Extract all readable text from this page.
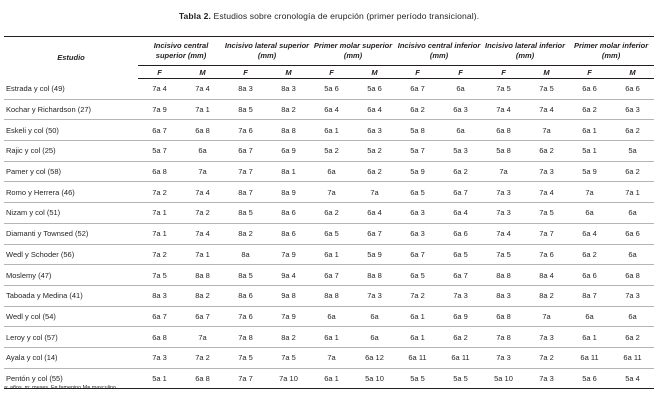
Tabla 2. Estudios sobre cronología de erupción (primer período transicional).
Estudio	Incisivo central superior (mm)		Incisivo lateral superior (mm)		Primer molar superior (mm)		Incisivo central inferior (mm)		Incisivo lateral inferior (mm)		Primer molar inferior (mm)	
	F	M	F	M	F	M	F	F	F	M	F	M
Estrada y col (49)	7a 4	7a 4	8a 3	8a 3	5a 6	5a 6	6a 7	6a	7a 5	7a 5	6a 6	6a 6
Kochar y Richardson (27)	7a 9	7a 1	8a 5	8a 2	6a 4	6a 4	6a 2	6a 3	7a 4	7a 4	6a 2	6a 3
Eskeli y col (50)	6a 7	6a 8	7a 6	8a 8	6a 1	6a 3	5a 8	6a	6a 8	7a	6a 1	6a 2
Rajic y col (25)	5a 7	6a	6a 7	6a 9	5a 2	5a 2	5a 7	5a 3	5a 8	6a 2	5a 1	5a
Pamer y col (58)	6a 8	7a	7a 7	8a 1	6a	6a 2	5a 9	6a 2	7a	7a 3	5a 9	6a 2
Romo y Herrera (46)	7a 2	7a 4	8a 7	8a 9	7a	7a	6a 5	6a 7	7a 3	7a 4	7a	7a 1
Nizam y col (51)	7a 1	7a 2	8a 5	8a 6	6a 2	6a 4	6a 3	6a 4	7a 3	7a 5	6a	6a
Diamanti y Townsed (52)	7a 1	7a 4	8a 2	8a 6	6a 5	6a 7	6a 3	6a 6	7a 4	7a 7	6a 4	6a 6
Wedl y Schoder (56)	7a 2	7a 1	8a	7a 9	6a 1	5a 9	6a 7	6a 5	7a 5	7a 6	6a 2	6a
Moslemy (47)	7a 5	8a 8	8a 5	9a 4	6a 7	8a 8	6a 5	6a 7	8a 8	8a 4	6a 6	6a 8
Taboada y Medina (41)	8a 3	8a 2	8a 6	9a 8	8a 8	7a 3	7a 2	7a 3	8a 3	8a 2	8a 7	7a 3
Wedl y col (54)	6a 7	6a 7	7a 6	7a 9	6a	6a	6a 1	6a 9	6a 8	7a	6a	6a
Leroy y col (57)	6a 8	7a	7a 8	8a 2	6a 1	6a	6a 1	6a 2	7a 8	7a 3	6a 1	6a 2
Ayala y col (14)	7a 3	7a 2	7a 5	7a 5	7a	6a 12	6a 11	6a 11	7a 3	7a 2	6a 11	6a 11
Pentón y col (55)	5a 1	6a 8	7a 7	7a 10	6a 1	5a 10	5a 5	5a 5	5a 10	7a 3	5a 6	5a 4
a: años. m: meses. F= femenino M= masculino
